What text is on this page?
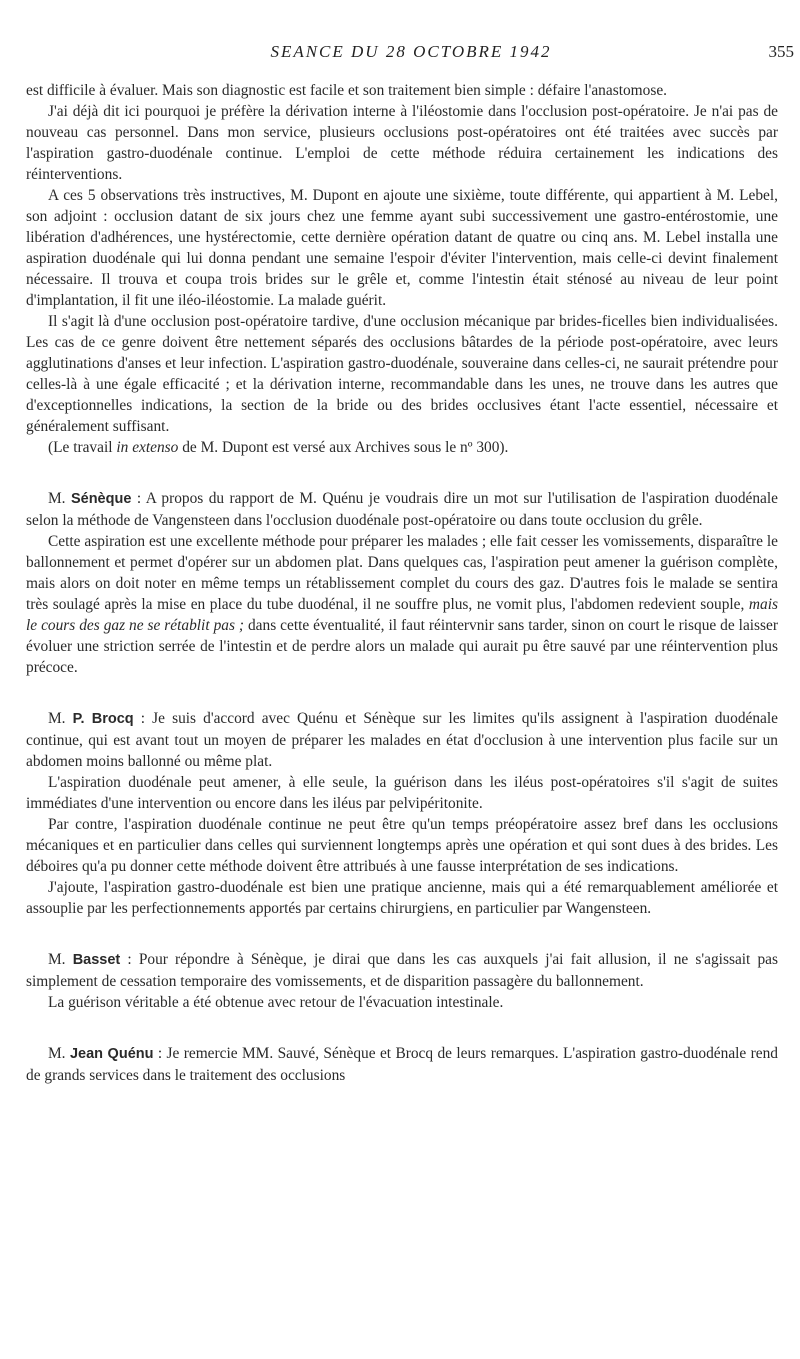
SEANCE DU 28 OCTOBRE 1942	355

est difficile à évaluer. Mais son diagnostic est facile et son traitement bien simple : défaire l'anastomose.

J'ai déjà dit ici pourquoi je préfère la dérivation interne à l'iléostomie dans l'occlusion post-opératoire. Je n'ai pas de nouveau cas personnel. Dans mon service, plusieurs occlusions post-opératoires ont été traitées avec succès par l'aspiration gastro-duodénale continue. L'emploi de cette méthode réduira certainement les indications des réinterventions.

A ces 5 observations très instructives, M. Dupont en ajoute une sixième, toute différente, qui appartient à M. Lebel, son adjoint : occlusion datant de six jours chez une femme ayant subi successivement une gastro-entérostomie, une libération d'adhérences, une hystérectomie, cette dernière opération datant de quatre ou cinq ans. M. Lebel installa une aspiration duodénale qui lui donna pendant une semaine l'espoir d'éviter l'intervention, mais celle-ci devint finalement nécessaire. Il trouva et coupa trois brides sur le grêle et, comme l'intestin était sténosé au niveau de leur point d'implantation, il fit une iléo-iléostomie. La malade guérit.

Il s'agit là d'une occlusion post-opératoire tardive, d'une occlusion mécanique par brides-ficelles bien individualisées. Les cas de ce genre doivent être nettement séparés des occlusions bâtardes de la période post-opératoire, avec leurs agglutinations d'anses et leur infection. L'aspiration gastro-duodénale, souveraine dans celles-ci, ne saurait prétendre pour celles-là à une égale efficacité ; et la dérivation interne, recommandable dans les unes, ne trouve dans les autres que d'exceptionnelles indications, la section de la bride ou des brides occlusives étant l'acte essentiel, nécessaire et généralement suffisant.

(Le travail in extenso de M. Dupont est versé aux Archives sous le nº 300).

M. Sénèque : A propos du rapport de M. Quénu je voudrais dire un mot sur l'utilisation de l'aspiration duodénale selon la méthode de Vangensteen dans l'occlusion duodénale post-opératoire ou dans toute occlusion du grêle.

Cette aspiration est une excellente méthode pour préparer les malades ; elle fait cesser les vomissements, disparaître le ballonnement et permet d'opérer sur un abdomen plat. Dans quelques cas, l'aspiration peut amener la guérison complète, mais alors on doit noter en même temps un rétablissement complet du cours des gaz. D'autres fois le malade se sentira très soulagé après la mise en place du tube duodénal, il ne souffre plus, ne vomit plus, l'abdomen redevient souple, mais le cours des gaz ne se rétablit pas ; dans cette éventualité, il faut réintervnir sans tarder, sinon on court le risque de laisser évoluer une striction serrée de l'intestin et de perdre alors un malade qui aurait pu être sauvé par une réintervention plus précoce.

M. P. Brocq : Je suis d'accord avec Quénu et Sénèque sur les limites qu'ils assignent à l'aspiration duodénale continue, qui est avant tout un moyen de préparer les malades en état d'occlusion à une intervention plus facile sur un abdomen moins ballonné ou même plat.

L'aspiration duodénale peut amener, à elle seule, la guérison dans les iléus post-opératoires s'il s'agit de suites immédiates d'une intervention ou encore dans les iléus par pelvipéritonite.

Par contre, l'aspiration duodénale continue ne peut être qu'un temps préopératoire assez bref dans les occlusions mécaniques et en particulier dans celles qui surviennent longtemps après une opération et qui sont dues à des brides. Les déboires qu'a pu donner cette méthode doivent être attribués à une fausse interprétation de ses indications.

J'ajoute, l'aspiration gastro-duodénale est bien une pratique ancienne, mais qui a été remarquablement améliorée et assouplie par les perfectionnements apportés par certains chirurgiens, en particulier par Wangensteen.

M. Basset : Pour répondre à Sénèque, je dirai que dans les cas auxquels j'ai fait allusion, il ne s'agissait pas simplement de cessation temporaire des vomissements, et de disparition passagère du ballonnement.

La guérison véritable a été obtenue avec retour de l'évacuation intestinale.

M. Jean Quénu : Je remercie MM. Sauvé, Sénèque et Brocq de leurs remarques. L'aspiration gastro-duodénale rend de grands services dans le traitement des occlusions
